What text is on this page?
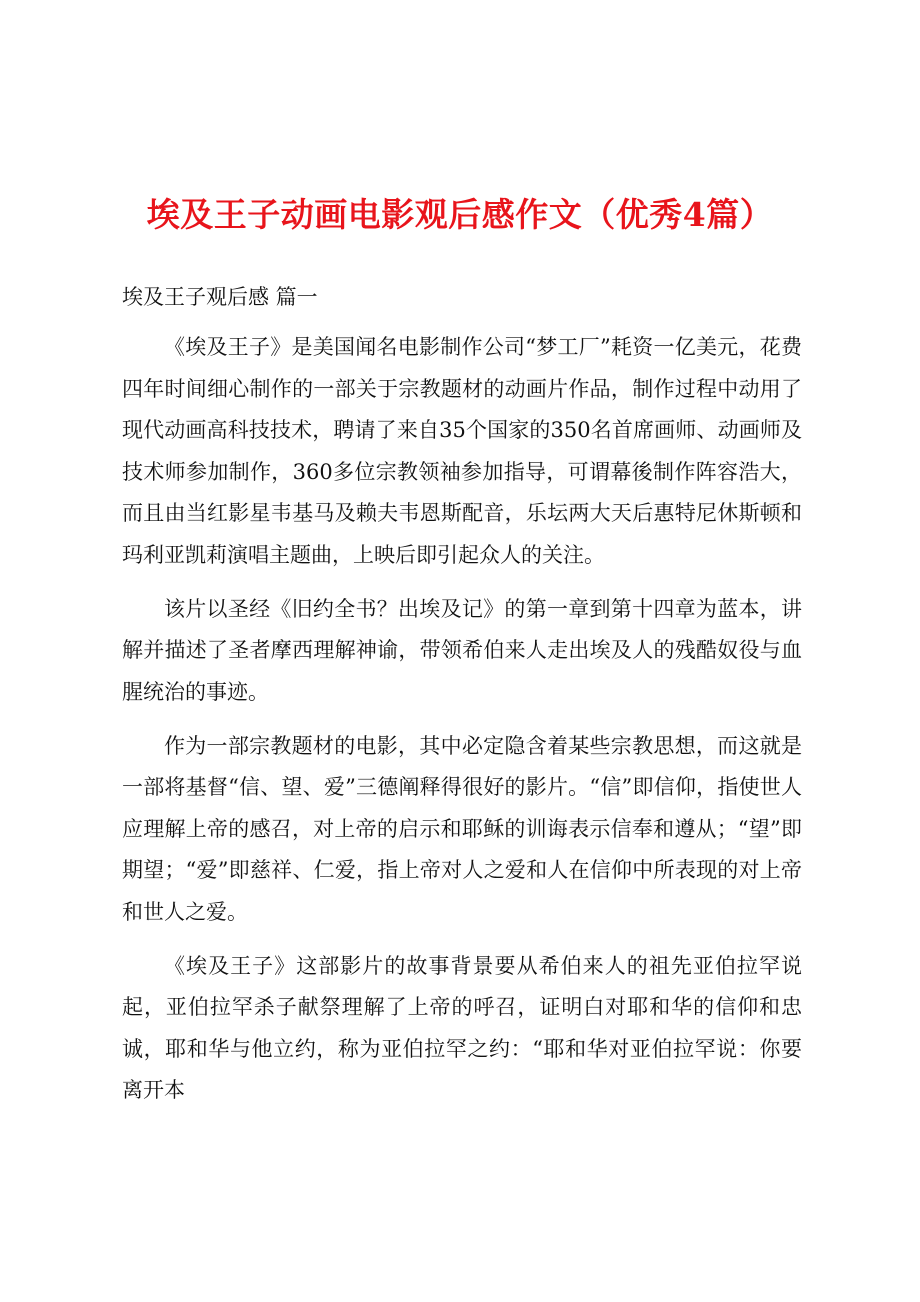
埃及王子动画电影观后感作文（优秀4篇）
埃及王子观后感 篇一

《埃及王子》是美国闻名电影制作公司“梦工厂”耗资一亿美元，花费四年时间细心制作的一部关于宗教题材的动画片作品，制作过程中动用了现代动画高科技技术，聘请了来自35个国家的350名首席画师、动画师及技术师参加制作，360多位宗教领袖参加指导，可谓幕後制作阵容浩大，而且由当红影星韦基马及赖夫韦恩斯配音，乐坛两大天后惠特尼休斯顿和玛利亚凯莉演唱主题曲，上映后即引起众人的关注。

该片以圣经《旧约全书？出埃及记》的第一章到第十四章为蓝本，讲解并描述了圣者摩西理解神谕，带领希伯来人走出埃及人的残酷奴役与血腥统治的事迹。

作为一部宗教题材的电影，其中必定隐含着某些宗教思想，而这就是一部将基督“信、望、爱”三德阐释得很好的影片。“信”即信仰，指使世人应理解上帝的感召，对上帝的启示和耶稣的训诲表示信奉和遵从；“望”即期望；“爱”即慈祥、仁爱，指上帝对人之爱和人在信仰中所表现的对上帝和世人之爱。

《埃及王子》这部影片的故事背景要从希伯来人的祖先亚伯拉罕说起，亚伯拉罕杀子献祭理解了上帝的呼召，证明白对耶和华的信仰和忠诚，耶和华与他立约，称为亚伯拉罕之约：“耶和华对亚伯拉罕说：你要离开本
